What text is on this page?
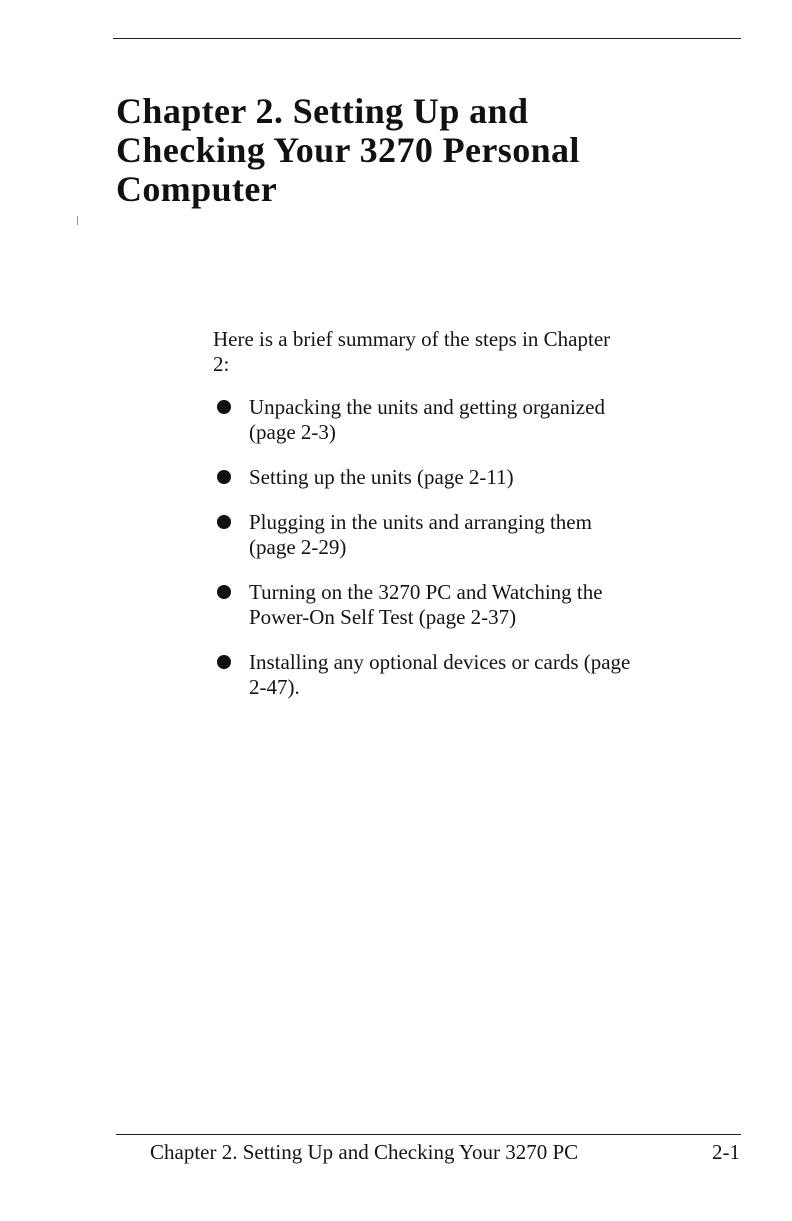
Chapter 2. Setting Up and
Checking Your 3270 Personal
Computer

Here is a brief summary of the steps in Chapter
2:

Unpacking the units and getting organized
(page 2-3)
Setting up the units (page 2-11)
Plugging in the units and arranging them
(page 2-29)
Turning on the 3270 PC and Watching the
Power-On Self Test (page 2-37)
Installing any optional devices or cards (page
2-47).
Chapter 2. Setting Up and Checking Your 3270 PC	2-1
